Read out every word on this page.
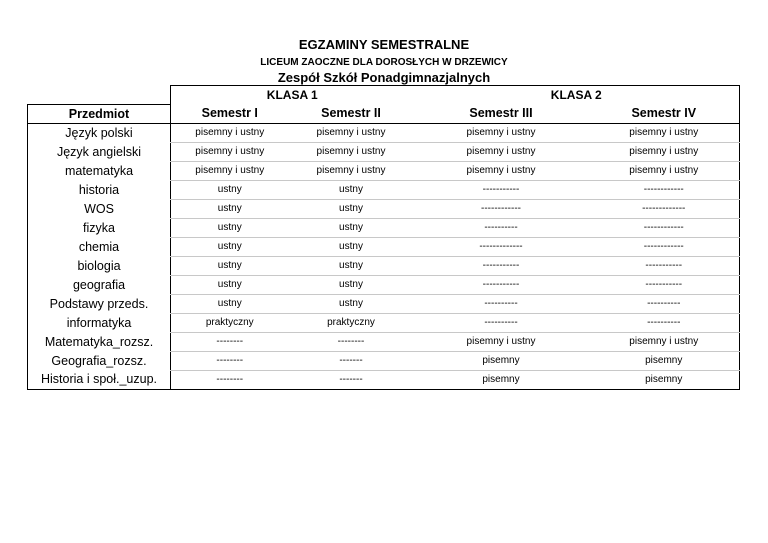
EGZAMINY SEMESTRALNE
LICEUM ZAOCZNE DLA DOROSŁYCH W DRZEWICY
Zespół Szkół Ponadgimnazjalnych
	KLASA 1		KLASA 2	
Przedmiot	Semestr I	Semestr II	Semestr III	Semestr IV
Język polski	pisemny i ustny	pisemny i ustny	pisemny i ustny	pisemny i ustny
Język angielski	pisemny i ustny	pisemny i ustny	pisemny i ustny	pisemny i ustny
matematyka	pisemny i ustny	pisemny i ustny	pisemny i ustny	pisemny i ustny
historia	ustny	ustny	-----------	------------
WOS	ustny	ustny	------------	-------------
fizyka	ustny	ustny	----------	------------
chemia	ustny	ustny	-------------	------------
biologia	ustny	ustny	-----------	-----------
geografia	ustny	ustny	-----------	-----------
Podstawy przeds.	ustny	ustny	----------	----------
informatyka	praktyczny	praktyczny	----------	----------
Matematyka_rozsz.	--------	--------	pisemny i ustny	pisemny i ustny
Geografia_rozsz.	--------	-------	pisemny	pisemny
Historia i społ._uzup.	--------	-------	pisemny	pisemny
